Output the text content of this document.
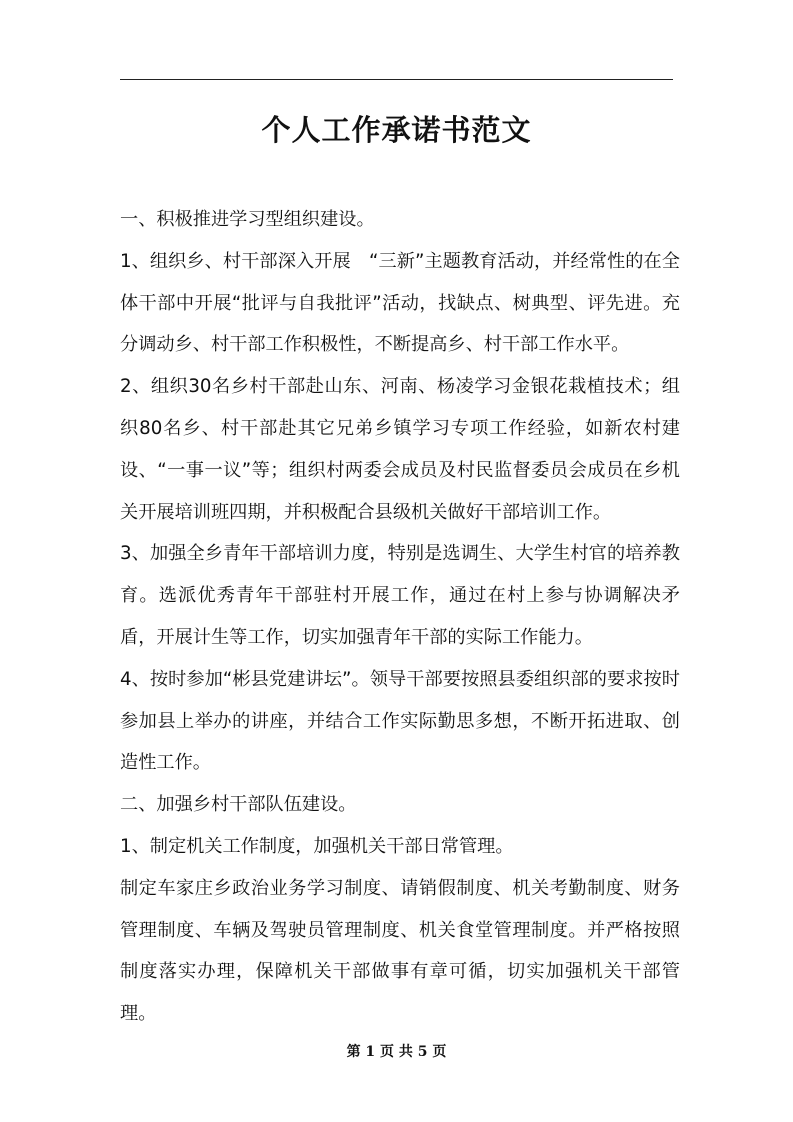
个人工作承诺书范文

一、积极推进学习型组织建设。

1、组织乡、村干部深入开展　“三新”主题教育活动，并经常性的在全体干部中开展“批评与自我批评”活动，找缺点、树典型、评先进。充分调动乡、村干部工作积极性，不断提高乡、村干部工作水平。

2、组织30名乡村干部赴山东、河南、杨凌学习金银花栽植技术；组织80名乡、村干部赴其它兄弟乡镇学习专项工作经验，如新农村建设、“一事一议”等；组织村两委会成员及村民监督委员会成员在乡机关开展培训班四期，并积极配合县级机关做好干部培训工作。

3、加强全乡青年干部培训力度，特别是选调生、大学生村官的培养教育。选派优秀青年干部驻村开展工作，通过在村上参与协调解决矛盾，开展计生等工作，切实加强青年干部的实际工作能力。

4、按时参加“彬县党建讲坛”。领导干部要按照县委组织部的要求按时参加县上举办的讲座，并结合工作实际勤思多想，不断开拓进取、创造性工作。

二、加强乡村干部队伍建设。

1、制定机关工作制度，加强机关干部日常管理。

制定车家庄乡政治业务学习制度、请销假制度、机关考勤制度、财务管理制度、车辆及驾驶员管理制度、机关食堂管理制度。并严格按照制度落实办理，保障机关干部做事有章可循，切实加强机关干部管理。

第 1 页 共 5 页
